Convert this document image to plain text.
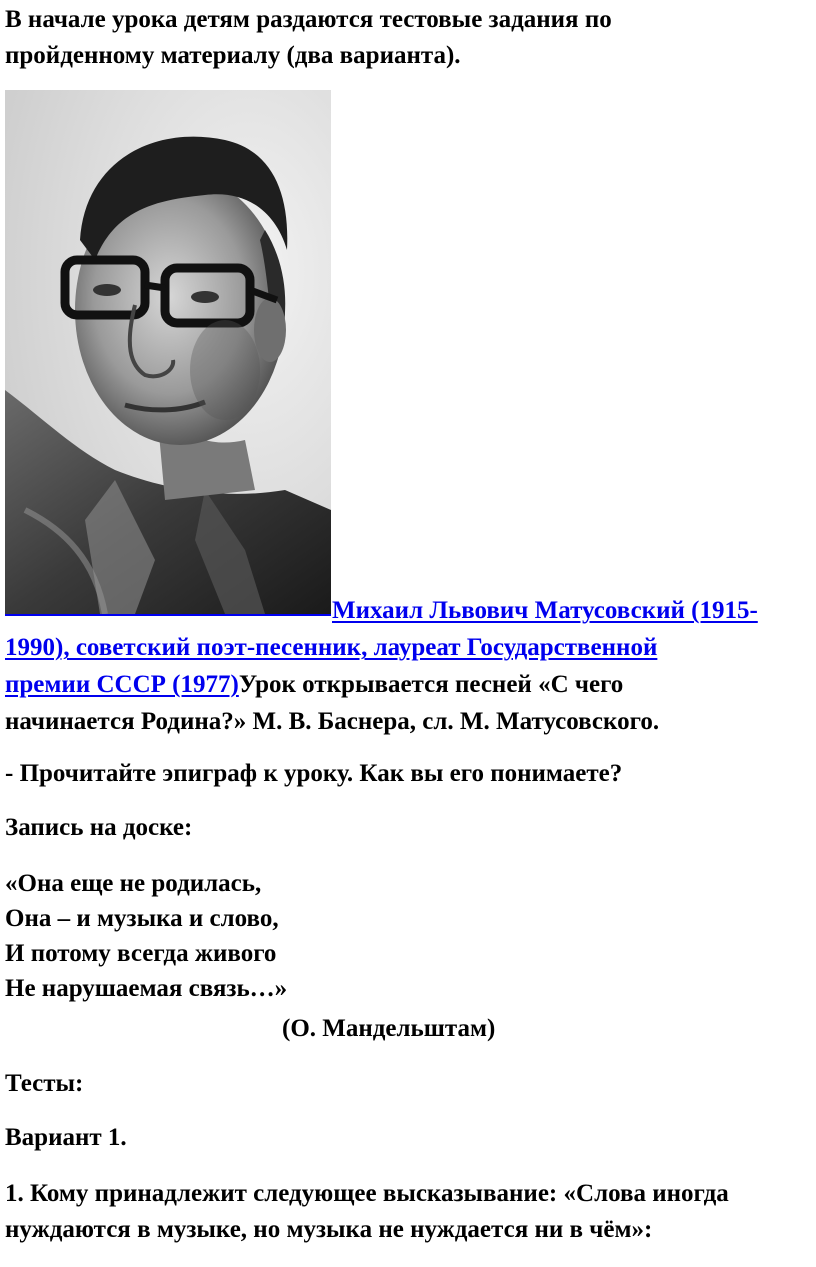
В начале урока детям раздаются тестовые задания по
пройденному материалу (два варианта).

Михаил Львович Матусовский (1915-
1990), советский поэт-песенник, лауреат Государственной
премии СССР (1977)Урок открывается песней «С чего
начинается Родина?» М. В. Баснера, сл. М. Матусовского.

- Прочитайте эпиграф к уроку. Как вы его понимаете?

Запись на доске:

«Она еще не родилась,
Она – и музыка и слово,
И потому всегда живого
Не нарушаемая связь…»

(О. Мандельштам)

Тесты:

Вариант 1.

1. Кому принадлежит следующее высказывание: «Слова иногда
нуждаются в музыке, но музыка не нуждается ни в чём»:
